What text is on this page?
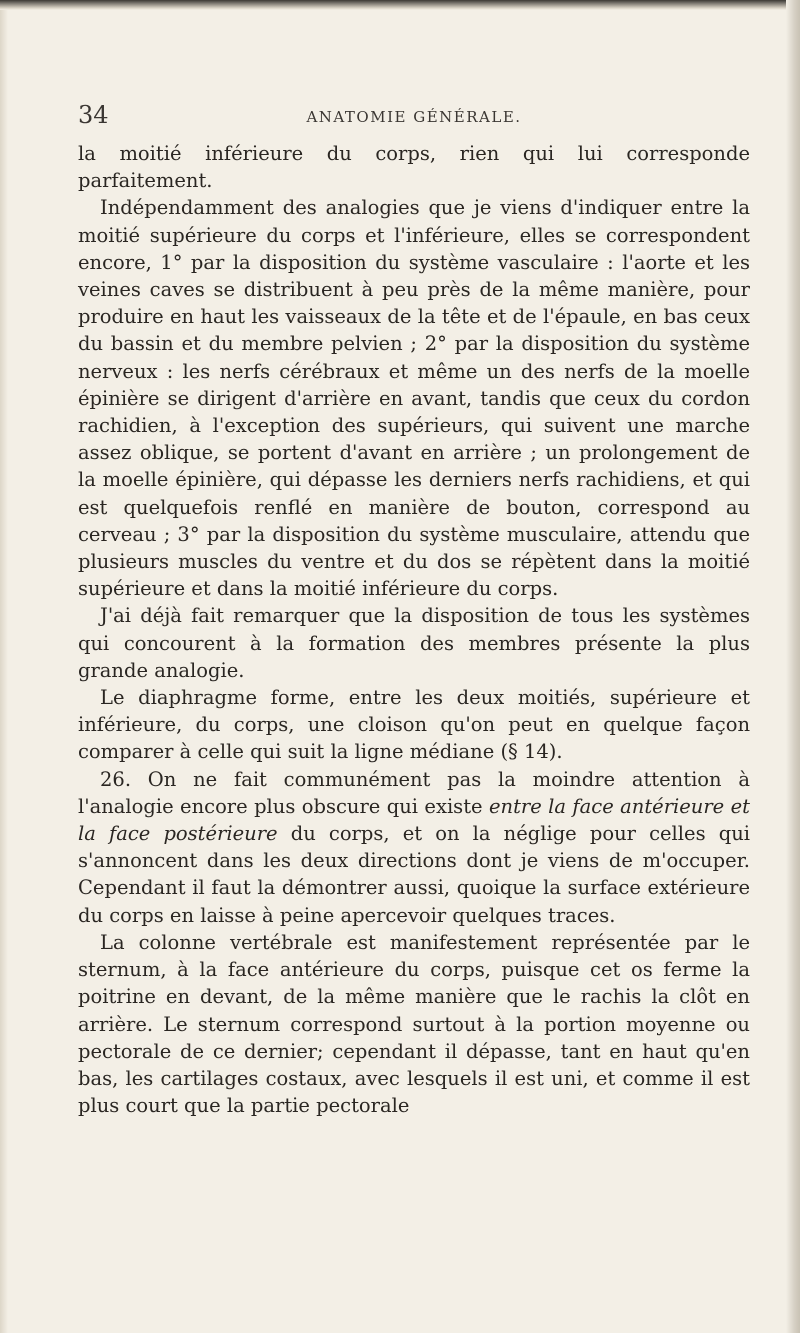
34	ANATOMIE GÉNÉRALE.

la moitié inférieure du corps, rien qui lui corresponde parfaitement.

Indépendamment des analogies que je viens d'indiquer entre la moitié supérieure du corps et l'inférieure, elles se correspondent encore, 1° par la disposition du système vasculaire : l'aorte et les veines caves se distribuent à peu près de la même manière, pour produire en haut les vaisseaux de la tête et de l'épaule, en bas ceux du bassin et du membre pelvien ; 2° par la disposition du système nerveux : les nerfs cérébraux et même un des nerfs de la moelle épinière se dirigent d'arrière en avant, tandis que ceux du cordon rachidien, à l'exception des supérieurs, qui suivent une marche assez oblique, se portent d'avant en arrière ; un prolongement de la moelle épinière, qui dépasse les derniers nerfs rachidiens, et qui est quelquefois renflé en manière de bouton, correspond au cerveau ; 3° par la disposition du système musculaire, attendu que plusieurs muscles du ventre et du dos se répètent dans la moitié supérieure et dans la moitié inférieure du corps.

J'ai déjà fait remarquer que la disposition de tous les systèmes qui concourent à la formation des membres présente la plus grande analogie.

Le diaphragme forme, entre les deux moitiés, supérieure et inférieure, du corps, une cloison qu'on peut en quelque façon comparer à celle qui suit la ligne médiane (§ 14).

26. On ne fait communément pas la moindre attention à l'analogie encore plus obscure qui existe entre la face antérieure et la face postérieure du corps, et on la néglige pour celles qui s'annoncent dans les deux directions dont je viens de m'occuper. Cependant il faut la démontrer aussi, quoique la surface extérieure du corps en laisse à peine apercevoir quelques traces.

La colonne vertébrale est manifestement représentée par le sternum, à la face antérieure du corps, puisque cet os ferme la poitrine en devant, de la même manière que le rachis la clôt en arrière. Le sternum correspond surtout à la portion moyenne ou pectorale de ce dernier; cependant il dépasse, tant en haut qu'en bas, les cartilages costaux, avec lesquels il est uni, et comme il est plus court que la partie pectorale
